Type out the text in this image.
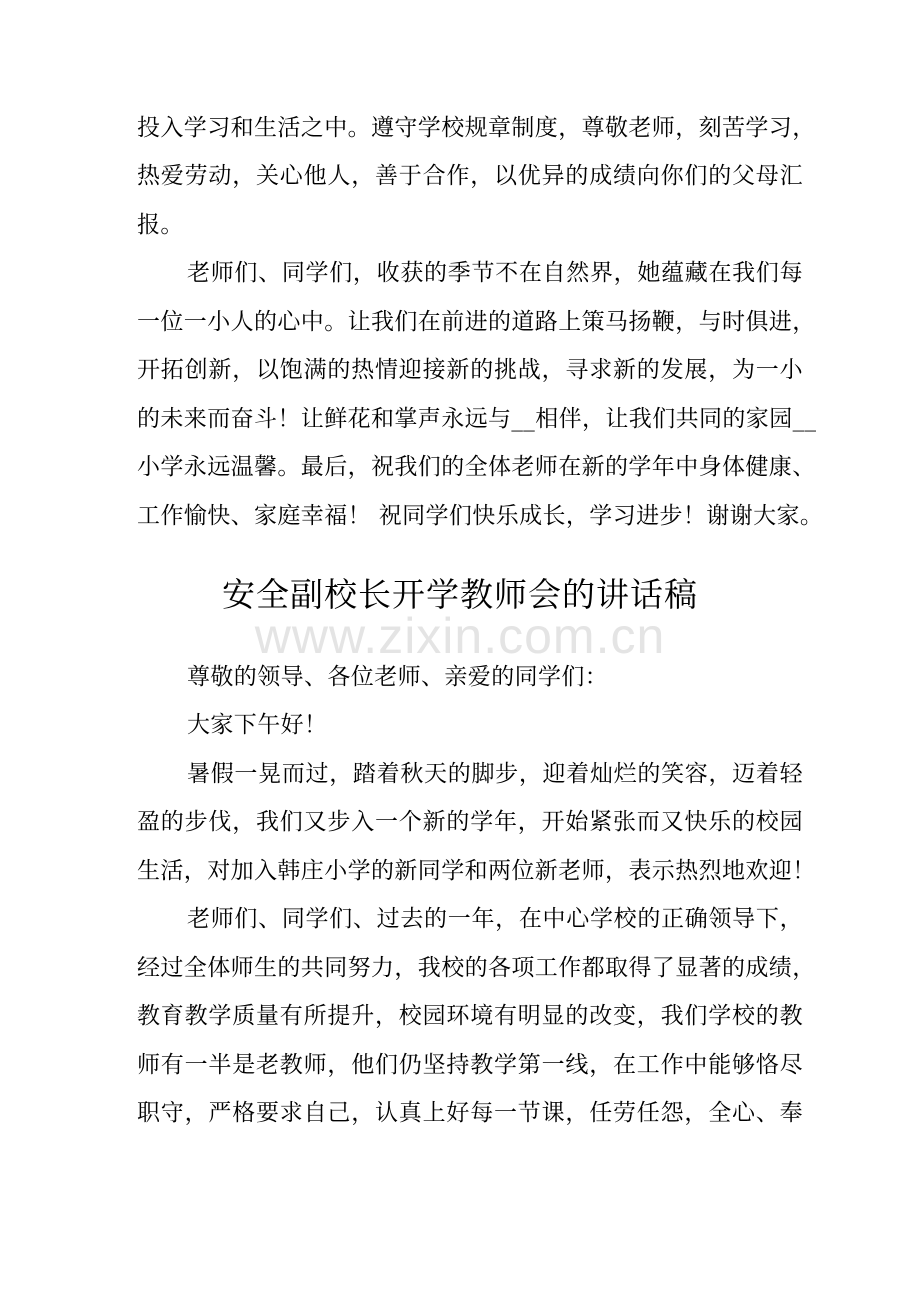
投入学习和生活之中。遵守学校规章制度，尊敬老师，刻苦学习，
热爱劳动，关心他人，善于合作，以优异的成绩向你们的父母汇
报。
老师们、同学们，收获的季节不在自然界，她蕴藏在我们每
一位一小人的心中。让我们在前进的道路上策马扬鞭，与时俱进，
开拓创新，以饱满的热情迎接新的挑战，寻求新的发展，为一小
的未来而奋斗！让鲜花和掌声永远与__相伴，让我们共同的家园__
小学永远温馨。最后，祝我们的全体老师在新的学年中身体健康、
工作愉快、家庭幸福！ 祝同学们快乐成长，学习进步！谢谢大家。
www.zixin.com.cn
安全副校长开学教师会的讲话稿
尊敬的领导、各位老师、亲爱的同学们：
大家下午好！
暑假一晃而过，踏着秋天的脚步，迎着灿烂的笑容，迈着轻
盈的步伐，我们又步入一个新的学年，开始紧张而又快乐的校园
生活，对加入韩庄小学的新同学和两位新老师，表示热烈地欢迎！
老师们、同学们、过去的一年，在中心学校的正确领导下，
经过全体师生的共同努力，我校的各项工作都取得了显著的成绩，
教育教学质量有所提升，校园环境有明显的改变，我们学校的教
师有一半是老教师，他们仍坚持教学第一线，在工作中能够恪尽
职守，严格要求自己，认真上好每一节课，任劳任怨，全心、奉
